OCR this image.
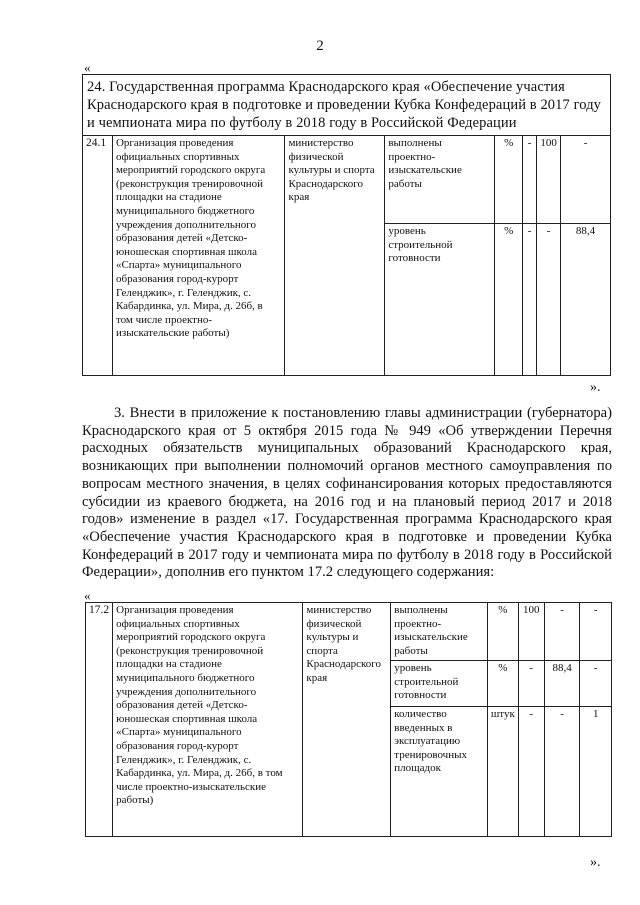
2
«
24. Государственная программа Краснодарского края «Обеспечение участия Краснодарского края в подготовке и проведении Кубка Конфедераций в 2017 году и чемпионата мира по футболу в 2018 году в Российской Федерации							
24.1	Организация проведения официальных спортивных мероприятий городского округа (реконструкция тренировочной площадки на стадионе муниципального бюджетного учреждения дополнительного образования детей «Детско-юношеская спортивная школа «Спарта» муниципального образования город-курорт Геленджик», г. Геленджик, с. Кабардинка, ул. Мира, д. 26б, в том числе проектно-изыскательские работы)	министерство физической культуры и спорта Краснодарского края	выполнены проектно-изыскательские работы	%	-	100	-
			уровень строительной готовности	%	-	-	88,4
».

3. Внести в приложение к постановлению главы администрации (губернатора) Краснодарского края от 5 октября 2015 года № 949 «Об утверждении Перечня расходных обязательств муниципальных образований Краснодарского края, возникающих при выполнении полномочий органов местного самоуправления по вопросам местного значения, в целях софинансирования которых предоставляются субсидии из краевого бюджета, на 2016 год и на плановый период 2017 и 2018 годов» изменение в раздел «17. Государственная программа Краснодарского края «Обеспечение участия Краснодарского края в подготовке и проведении Кубка Конфедераций в 2017 году и чемпионата мира по футболу в 2018 году в Российской Федерации», дополнив его пунктом 17.2 следующего содержания:

«
17.2	Организация проведения официальных спортивных мероприятий городского округа (реконструкция тренировочной площадки на стадионе муниципального бюджетного учреждения дополнительного образования детей «Детско-юношеская спортивная школа «Спарта» муниципального образования город-курорт Геленджик», г. Геленджик, с. Кабардинка, ул. Мира, д. 26б, в том числе проектно-изыскательские работы)	министерство физической культуры и спорта Краснодарского края	выполнены проектно-изыскательские работы	%	100	-	-
			уровень строительной готовности	%	-	88,4	-
			количество введенных в эксплуатацию тренировочных площадок	штук	-	-	1
».
